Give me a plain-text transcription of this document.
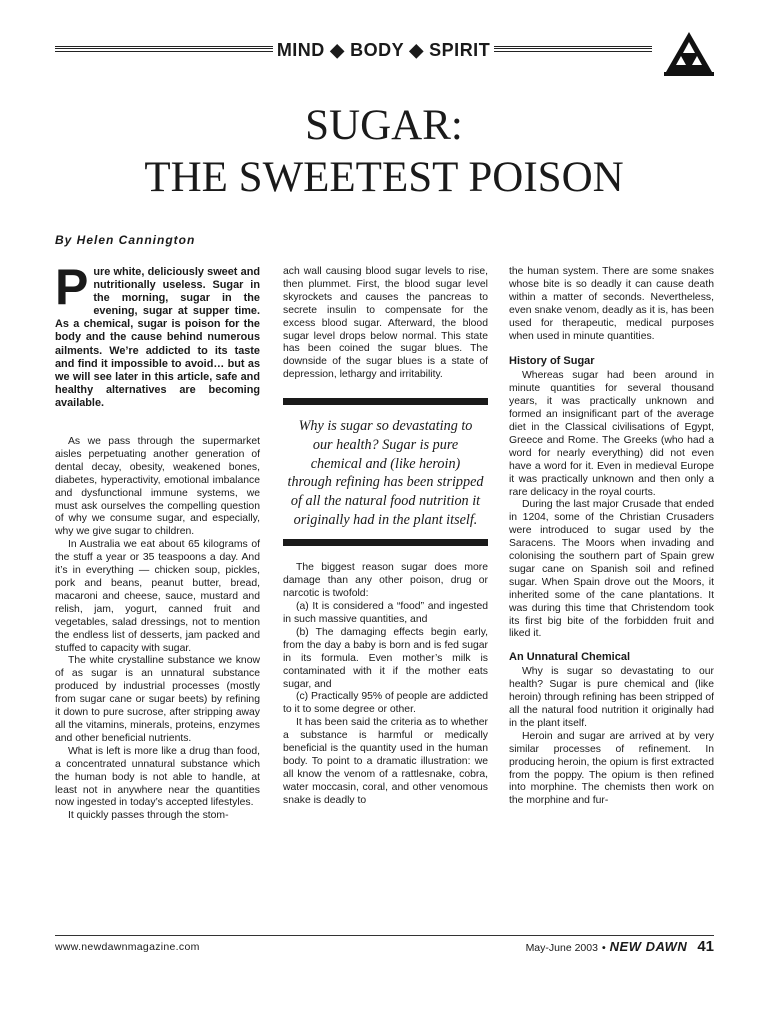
MIND ◆ BODY ◆ SPIRIT
SUGAR:
THE SWEETEST POISON
By Helen Cannington

Pure white, deliciously sweet and nutritionally useless. Sugar in the morning, sugar in the evening, sugar at supper time. As a chemical, sugar is poison for the body and the cause behind numerous ailments. We’re addicted to its taste and find it impossible to avoid… but as we will see later in this article, safe and healthy alternatives are becoming available.

As we pass through the supermarket aisles perpetuating another generation of dental decay, obesity, weakened bones, diabetes, hyperactivity, emotional imbalance and dysfunctional immune systems, we must ask ourselves the compelling question of why we consume sugar, and especially, why we give sugar to children.

In Australia we eat about 65 kilograms of the stuff a year or 35 teaspoons a day. And it’s in everything — chicken soup, pickles, pork and beans, peanut butter, bread, macaroni and cheese, sauce, mustard and relish, jam, yogurt, canned fruit and vegetables, salad dressings, not to mention the endless list of desserts, jam packed and stuffed to capacity with sugar.

The white crystalline substance we know of as sugar is an unnatural substance produced by industrial processes (mostly from sugar cane or sugar beets) by refining it down to pure sucrose, after stripping away all the vitamins, minerals, proteins, enzymes and other beneficial nutrients.

What is left is more like a drug than food, a concentrated unnatural substance which the human body is not able to handle, at least not in anywhere near the quantities now ingested in today’s accepted lifestyles.

It quickly passes through the stom-

ach wall causing blood sugar levels to rise, then plummet. First, the blood sugar level skyrockets and causes the pancreas to secrete insulin to compensate for the excess blood sugar. Afterward, the blood sugar level drops below normal. This state has been coined the sugar blues. The downside of the sugar blues is a state of depression, lethargy and irritability.

Why is sugar so devastating to our health? Sugar is pure chemical and (like heroin) through refining has been stripped of all the natural food nutrition it originally had in the plant itself.

The biggest reason sugar does more damage than any other poison, drug or narcotic is twofold:

(a) It is considered a “food” and ingested in such massive quantities, and

(b) The damaging effects begin early, from the day a baby is born and is fed sugar in its formula. Even mother’s milk is contaminated with it if the mother eats sugar, and

(c) Practically 95% of people are addicted to it to some degree or other.

It has been said the criteria as to whether a substance is harmful or medically beneficial is the quantity used in the human body. To point to a dramatic illustration: we all know the venom of a rattlesnake, cobra, water moccasin, coral, and other venomous snake is deadly to

the human system. There are some snakes whose bite is so deadly it can cause death within a matter of seconds. Nevertheless, even snake venom, deadly as it is, has been used for therapeutic, medical purposes when used in minute quantities.

History of Sugar

Whereas sugar had been around in minute quantities for several thousand years, it was practically unknown and formed an insignificant part of the average diet in the Classical civilisations of Egypt, Greece and Rome. The Greeks (who had a word for nearly everything) did not even have a word for it. Even in medieval Europe it was practically unknown and then only a rare delicacy in the royal courts.

During the last major Crusade that ended in 1204, some of the Christian Crusaders were introduced to sugar used by the Saracens. The Moors when invading and colonising the southern part of Spain grew sugar cane on Spanish soil and refined sugar. When Spain drove out the Moors, it inherited some of the cane plantations. It was during this time that Christendom took its first big bite of the forbidden fruit and liked it.

An Unnatural Chemical

Why is sugar so devastating to our health? Sugar is pure chemical and (like heroin) through refining has been stripped of all the natural food nutrition it originally had in the plant itself.

Heroin and sugar are arrived at by very similar processes of refinement. In producing heroin, the opium is first extracted from the poppy. The opium is then refined into morphine. The chemists then work on the morphine and fur-

www.newdawnmagazine.com	May-June 2003 • NEW DAWN 41
